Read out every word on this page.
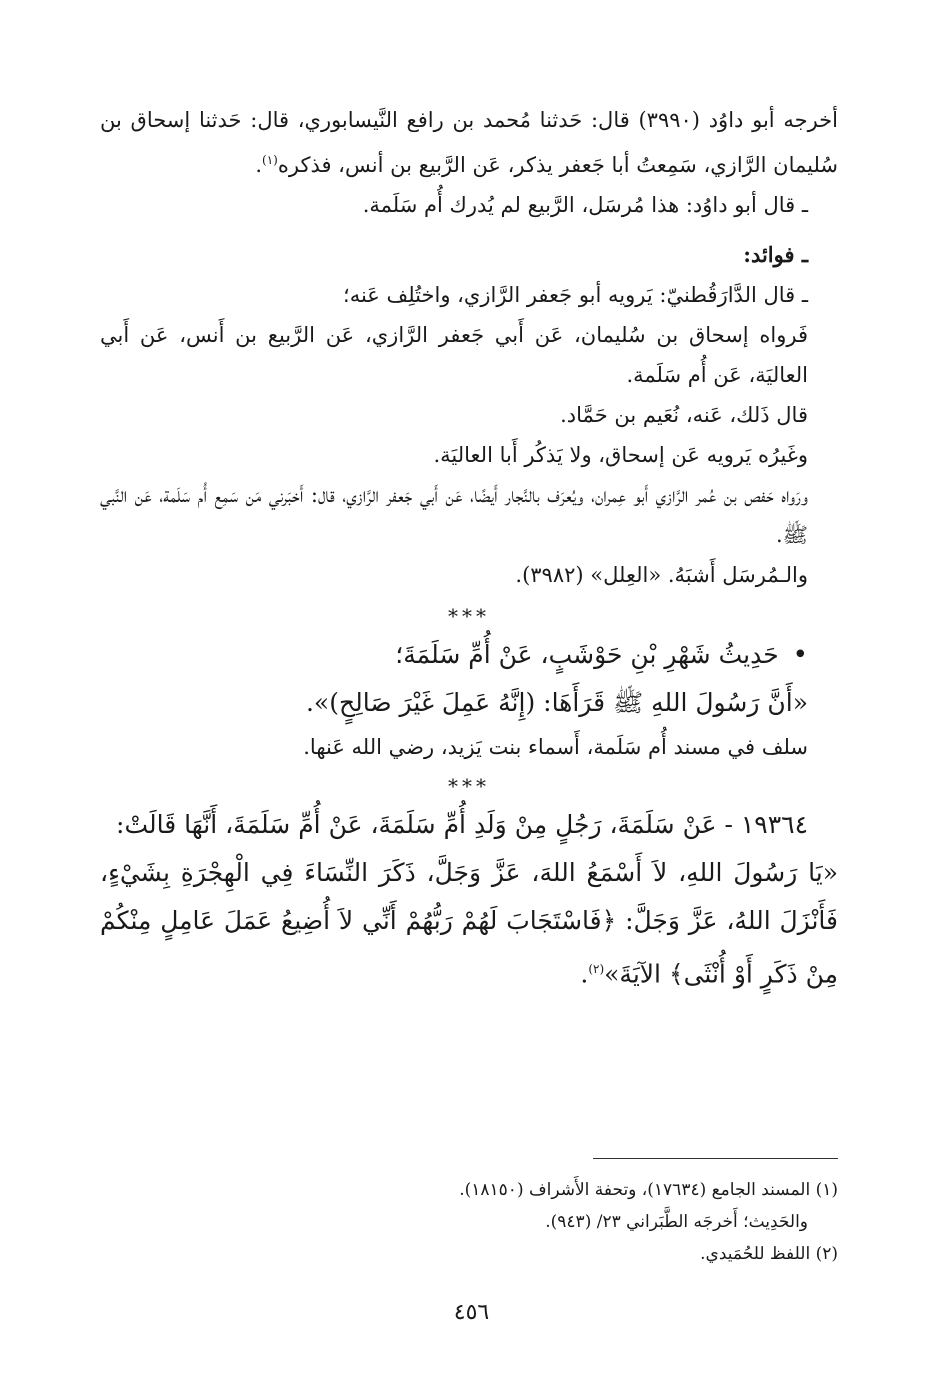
أخرجه أبو داوُد (٣٩٩٠) قال: حَدثنا مُحمد بن رافع النَّيسابوري، قال: حَدثنا إسحاق بن سُليمان الرَّازي، سَمِعتُ أبا جَعفر يذكر، عَن الرَّبيع بن أنس، فذكره$^{(١)}$.

ـ قال أبو داوُد: هذا مُرسَل، الرَّبيع لم يُدرك أُم سَلَمة.

ـ فوائد:

ـ قال الدَّارَقُطنيّ: يَرويه أبو جَعفر الرَّازي، واختُلِف عَنه؛

فَرواه إسحاق بن سُليمان، عَن أَبي جَعفر الرَّازي، عَن الرَّبيع بن أَنس، عَن أَبي العاليَة، عَن أُم سَلَمة.

قال ذَلك، عَنه، نُعَيم بن حَمَّاد.

وغَيرُه يَرويه عَن إسحاق، ولا يَذكُر أَبا العاليَة.

ورَواه حَفص بن عُمر الرَّازي أَبو عِمران، ويُعرَف بالنَّجار أَيضًا، عَن أَبي جَعفر الرَّازي، قال: أَخبَرني مَن سَمِع أُم سَلَمة، عَن النَّبي ﷺ.

والـمُرسَل أَشبَهُ. «العِلل» (٣٩٨٢).

***

• حَدِيثُ شَهْرِ بْنِ حَوْشَبٍ، عَنْ أُمِّ سَلَمَةَ؛

«أَنَّ رَسُولَ اللهِ ﷺ قَرَأَهَا: (إِنَّهُ عَمِلَ غَيْرَ صَالِحٍ)».

سلف في مسند أُم سَلَمة، أَسماء بنت يَزيد، رضي الله عَنها.

***

١٩٣٦٤ - عَنْ سَلَمَةَ، رَجُلٍ مِنْ وَلَدِ أُمِّ سَلَمَةَ، عَنْ أُمِّ سَلَمَةَ، أَنَّهَا قَالَتْ:

«يَا رَسُولَ اللهِ، لاَ أَسْمَعُ اللهَ، عَزَّ وَجَلَّ، ذَكَرَ النِّسَاءَ فِي الْهِجْرَةِ بِشَيْءٍ، فَأَنْزَلَ اللهُ، عَزَّ وَجَلَّ: ﴿فَاسْتَجَابَ لَهُمْ رَبُّهُمْ أَنِّي لاَ أُضِيعُ عَمَلَ عَامِلٍ مِنْكُمْ مِنْ ذَكَرٍ أَوْ أُنْثَى﴾ الآيَةَ»$^{(٢)}$.

(١) المسند الجامع (١٧٦٣٤)، وتحفة الأَشراف (١٨١٥٠).

والحَدِيث؛ أَخرجَه الطَّبَراني ٢٣/ (٩٤٣).

(٢) اللفظ للحُمَيدي.

٤٥٦
